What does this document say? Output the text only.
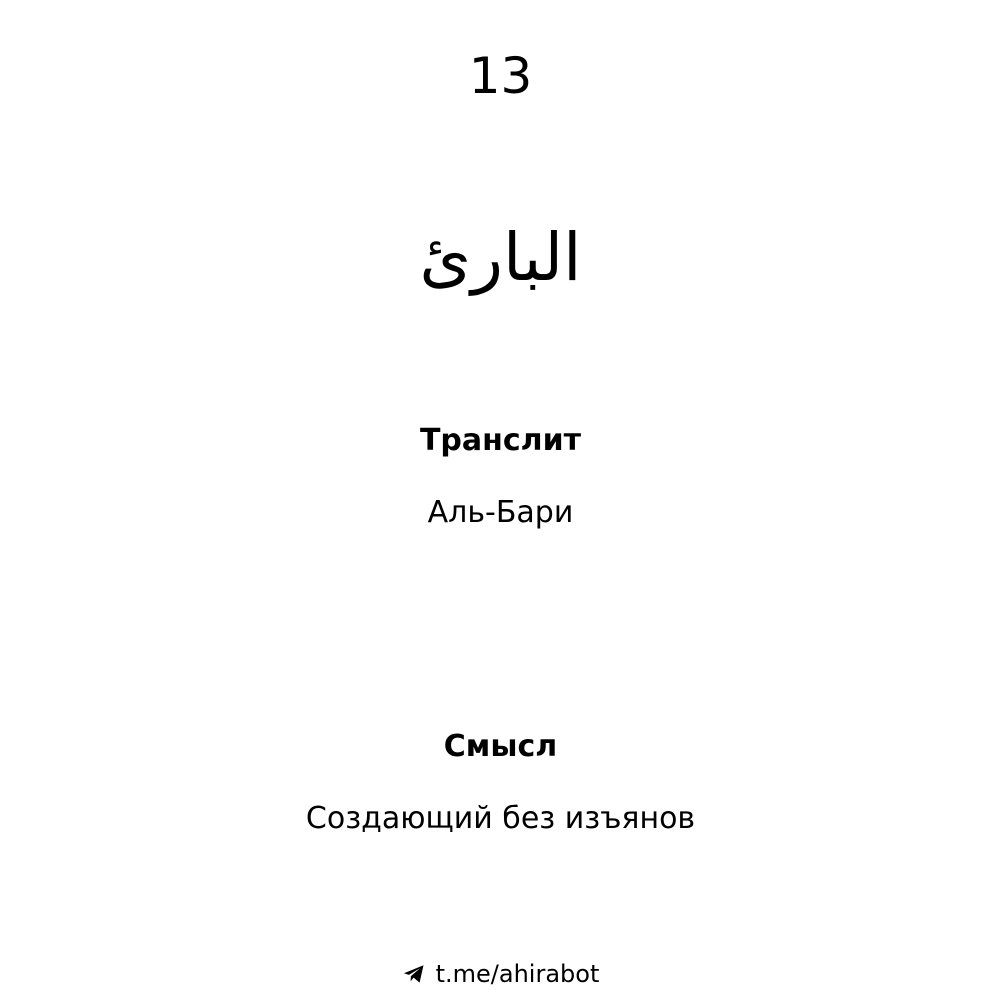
13
البارئ
Транслит
Аль-Бари
Смысл
Создающий без изъянов
t.me/ahirabot
